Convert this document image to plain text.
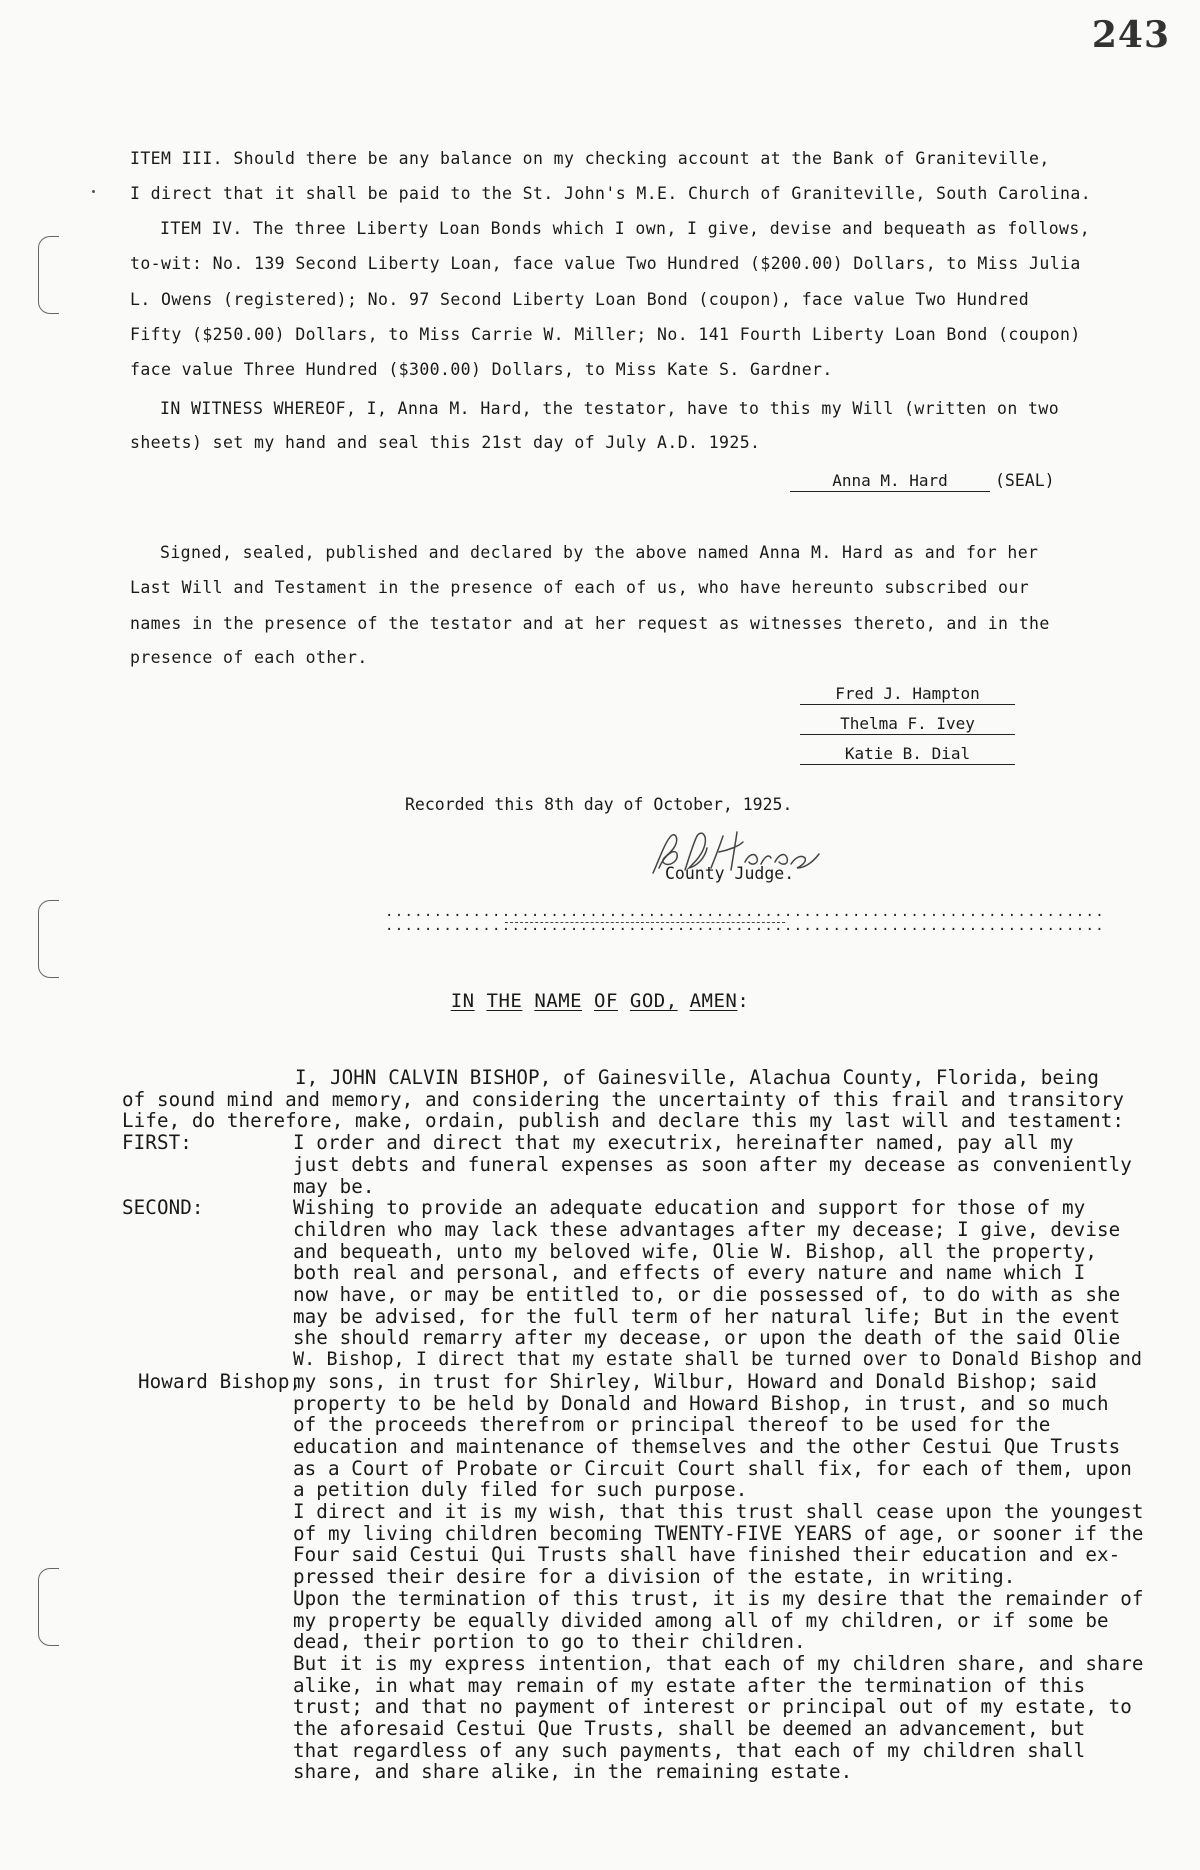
243
ITEM III. Should there be any balance on my checking account at the Bank of Graniteville,
I direct that it shall be paid to the St. John's M.E. Church of Graniteville, South Carolina.
ITEM IV. The three Liberty Loan Bonds which I own, I give, devise and bequeath as follows,
to-wit: No. 139 Second Liberty Loan, face value Two Hundred ($200.00) Dollars, to Miss Julia
L. Owens (registered); No. 97 Second Liberty Loan Bond (coupon), face value Two Hundred
Fifty ($250.00) Dollars, to Miss Carrie W. Miller; No. 141 Fourth Liberty Loan Bond (coupon)
face value Three Hundred ($300.00) Dollars, to Miss Kate S. Gardner.
IN WITNESS WHEREOF, I, Anna M. Hard, the testator, have to this my Will (written on two
sheets) set my hand and seal this 21st day of July A.D. 1925.
Anna M. Hard	(SEAL)
Signed, sealed, published and declared by the above named Anna M. Hard as and for her
Last Will and Testament in the presence of each of us, who have hereunto subscribed our
names in the presence of the testator and at her request as witnesses thereto, and in the
presence of each other.
Fred J. Hampton
Thelma F. Ivey
Katie B. Dial
Recorded this 8th day of October, 1925.
County Judge.
..........................................................................
..........................................................................
IN THE NAME OF GOD, AMEN:
I, JOHN CALVIN BISHOP, of Gainesville, Alachua County, Florida, being
of sound mind and memory, and considering the uncertainty of this frail and transitory
Life, do therefore, make, ordain, publish and declare this my last will and testament:
FIRST:	I order and direct that my executrix, hereinafter named, pay all my
just debts and funeral expenses as soon after my decease as conveniently
may be.
SECOND:	Wishing to provide an adequate education and support for those of my
children who may lack these advantages after my decease; I give, devise
and bequeath, unto my beloved wife, Olie W. Bishop, all the property,
both real and personal, and effects of every nature and name which I
now have, or may be entitled to, or die possessed of, to do with as she
may be advised, for the full term of her natural life; But in the event
she should remarry after my decease, or upon the death of the said Olie
W. Bishop, I direct that my estate shall be turned over to Donald Bishop and
Howard Bishop,
my sons, in trust for Shirley, Wilbur, Howard and Donald Bishop; said
property to be held by Donald and Howard Bishop, in trust, and so much
of the proceeds therefrom or principal thereof to be used for the
education and maintenance of themselves and the other Cestui Que Trusts
as a Court of Probate or Circuit Court shall fix, for each of them, upon
a petition duly filed for such purpose.
I direct and it is my wish, that this trust shall cease upon the youngest
of my living children becoming TWENTY-FIVE YEARS of age, or sooner if the
Four said Cestui Qui Trusts shall have finished their education and ex-
pressed their desire for a division of the estate, in writing.
Upon the termination of this trust, it is my desire that the remainder of
my property be equally divided among all of my children, or if some be
dead, their portion to go to their children.
But it is my express intention, that each of my children share, and share
alike, in what may remain of my estate after the termination of this
trust; and that no payment of interest or principal out of my estate, to
the aforesaid Cestui Que Trusts, shall be deemed an advancement, but
that regardless of any such payments, that each of my children shall
share, and share alike, in the remaining estate.
